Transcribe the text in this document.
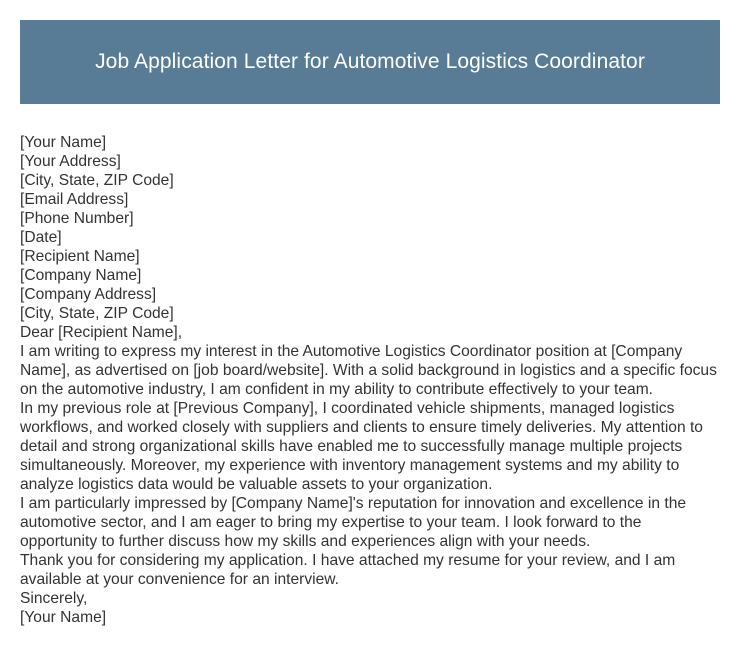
Job Application Letter for Automotive Logistics Coordinator

[Your Name]

[Your Address]

[City, State, ZIP Code]

[Email Address]

[Phone Number]

[Date]

[Recipient Name]

[Company Name]

[Company Address]

[City, State, ZIP Code]

Dear [Recipient Name],

I am writing to express my interest in the Automotive Logistics Coordinator position at [Company Name], as advertised on [job board/website]. With a solid background in logistics and a specific focus on the automotive industry, I am confident in my ability to contribute effectively to your team.

In my previous role at [Previous Company], I coordinated vehicle shipments, managed logistics workflows, and worked closely with suppliers and clients to ensure timely deliveries. My attention to detail and strong organizational skills have enabled me to successfully manage multiple projects simultaneously. Moreover, my experience with inventory management systems and my ability to analyze logistics data would be valuable assets to your organization.

I am particularly impressed by [Company Name]'s reputation for innovation and excellence in the automotive sector, and I am eager to bring my expertise to your team. I look forward to the opportunity to further discuss how my skills and experiences align with your needs.

Thank you for considering my application. I have attached my resume for your review, and I am available at your convenience for an interview.

Sincerely,

[Your Name]
